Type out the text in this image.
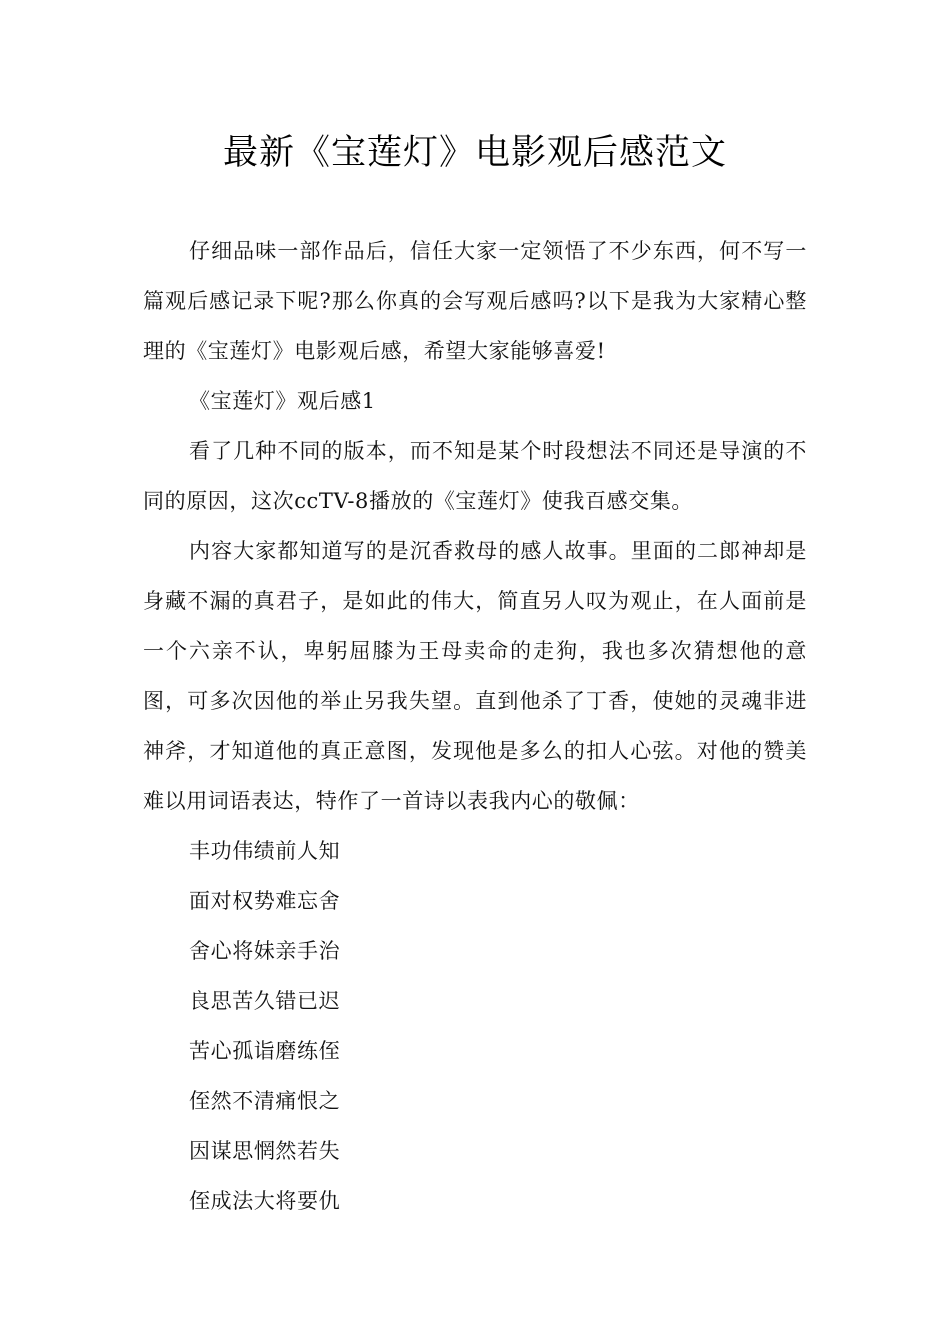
最新《宝莲灯》电影观后感范文

仔细品味一部作品后，信任大家一定领悟了不少东西，何不写一篇观后感记录下呢?那么你真的会写观后感吗?以下是我为大家精心整理的《宝莲灯》电影观后感，希望大家能够喜爱!

《宝莲灯》观后感1

看了几种不同的版本，而不知是某个时段想法不同还是导演的不同的原因，这次ccTV-8播放的《宝莲灯》使我百感交集。

内容大家都知道写的是沉香救母的感人故事。里面的二郎神却是身藏不漏的真君子，是如此的伟大，简直另人叹为观止，在人面前是一个六亲不认，卑躬屈膝为王母卖命的走狗，我也多次猜想他的意图，可多次因他的举止另我失望。直到他杀了丁香，使她的灵魂非进神斧，才知道他的真正意图，发现他是多么的扣人心弦。对他的赞美难以用词语表达，特作了一首诗以表我内心的敬佩：

丰功伟绩前人知

面对权势难忘舍

舍心将妹亲手治

良思苦久错已迟

苦心孤诣磨练侄

侄然不清痛恨之

因谋思惘然若失

侄成法大将要仇
